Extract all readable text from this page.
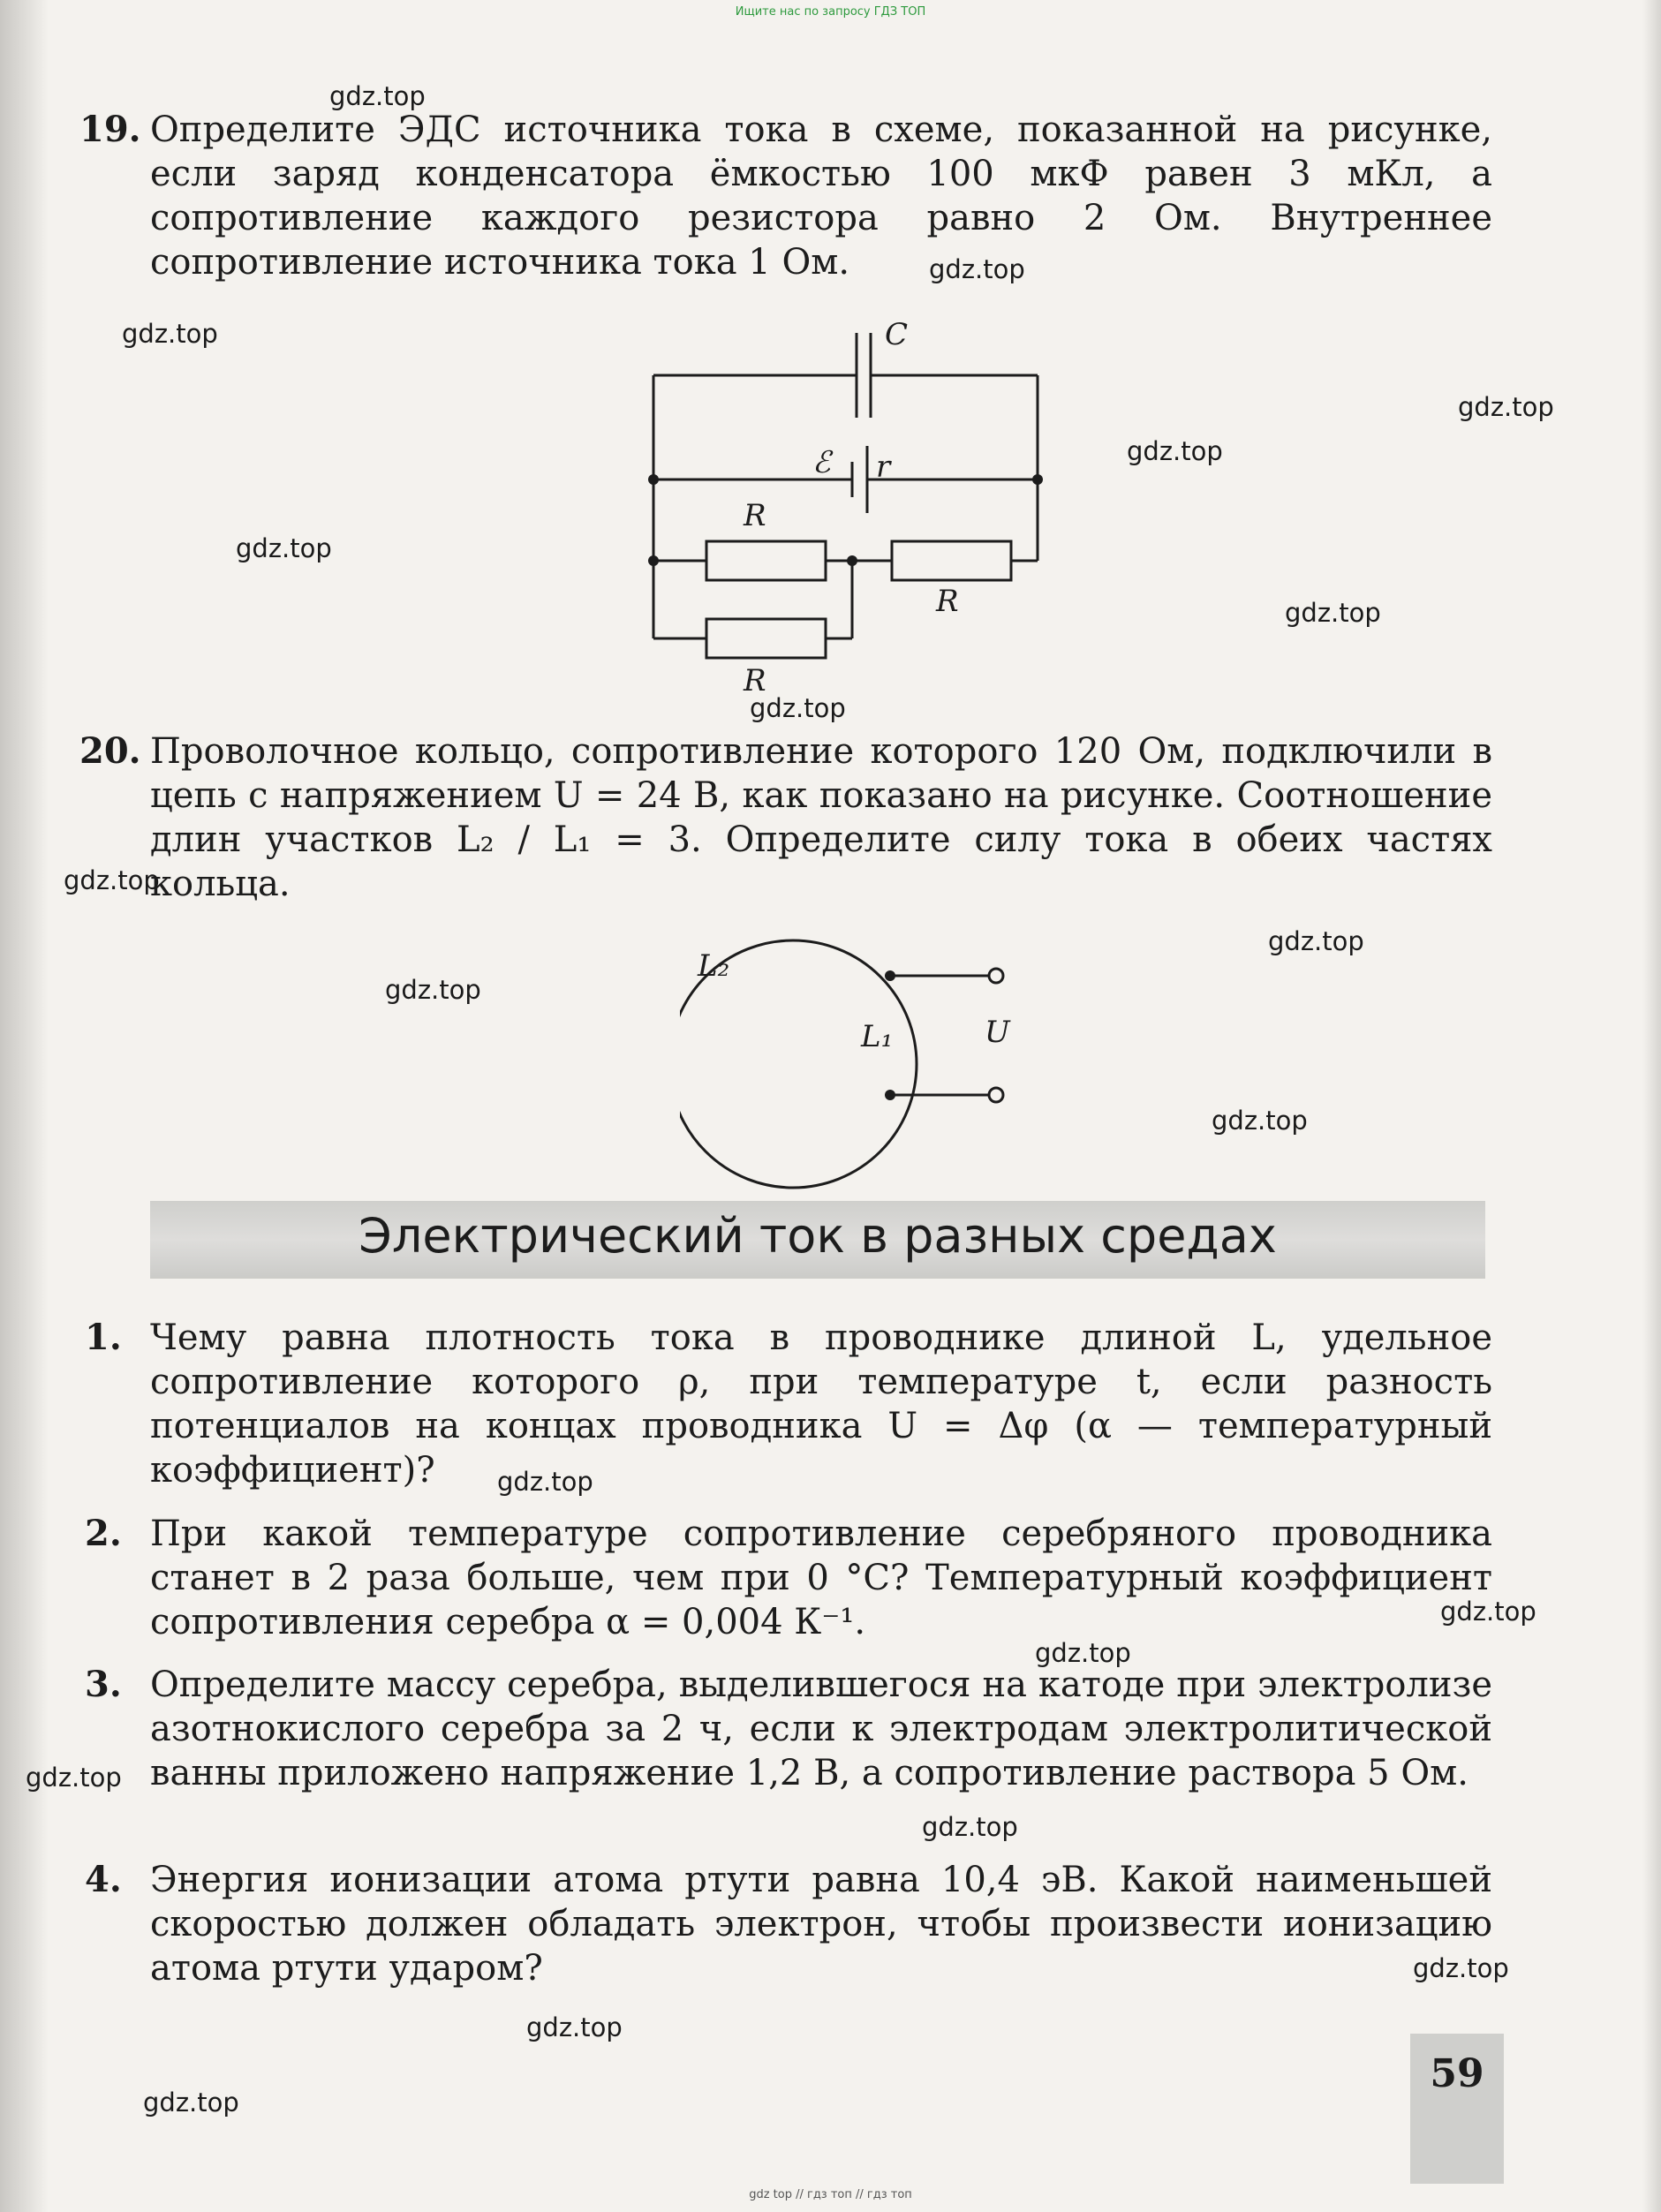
Ищите нас по запросу ГДЗ ТОП
19. Определите ЭДС источника тока в схеме, показанной на рисунке, если заряд конденсатора ёмкостью 100 мкФ равен 3 мКл, а сопротивление каждого резистора равно 2 Ом. Внутреннее сопротивление источника тока 1 Ом.
C
ℰ r
R
R
R
20. Проволочное кольцо, сопротивление которого 120 Ом, подключили в цепь с напряжением U = 24 В, как показано на рисунке. Соотношение длин участков L₂ / L₁ = 3. Определите силу тока в обеих частях кольца.
L₂
L₁	U
Электрический ток в разных средах
1. Чему равна плотность тока в проводнике длиной L, удельное сопротивление которого ρ, при температуре t, если разность потенциалов на концах проводника U = Δφ (α — температурный коэффициент)?
2. При какой температуре сопротивление серебряного проводника станет в 2 раза больше, чем при 0 °С? Температурный коэффициент сопротивления серебра α = 0,004 К⁻¹.
3. Определите массу серебра, выделившегося на катоде при электролизе азотнокислого серебра за 2 ч, если к электродам электролитической ванны приложено напряжение 1,2 В, а сопротивление раствора 5 Ом.
4. Энергия ионизации атома ртути равна 10,4 эВ. Какой наименьшей скоростью должен обладать электрон, чтобы произвести ионизацию атома ртути ударом?
59
gdz.top
gdz.top
gdz.top
gdz.top
gdz.top
gdz.top
gdz.top
gdz.top
gdz.top
gdz.top
gdz.top
gdz.top
gdz.top
gdz.top
gdz.top
gdz.top
gdz.top
gdz.top
gdz.top
gdz.top
gdz top // гдз топ // гдз топ
